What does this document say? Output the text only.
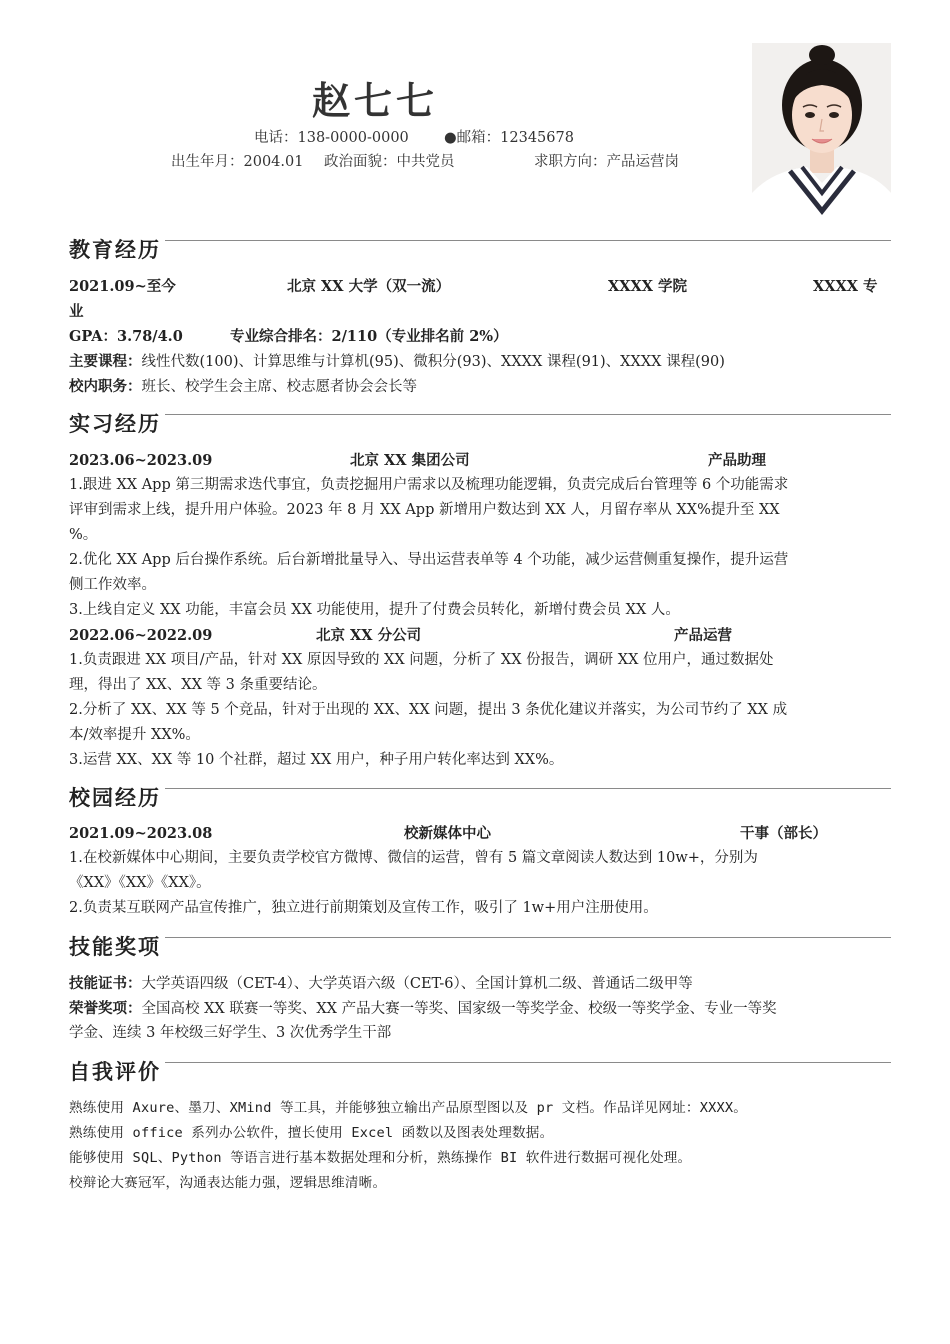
赵七七
电话：138-0000-0000 ●邮箱：12345678
出生年月：2004.01 政治面貌：中共党员	求职方向：产品运营岗
教育经历
2021.09~至今	北京 XX 大学（双一流）	XXXX 学院	XXXX 专
业
GPA：3.78/4.0	专业综合排名：2/110（专业排名前 2%）
主要课程：线性代数(100)、计算思维与计算机(95)、微积分(93)、XXXX 课程(91)、XXXX 课程(90)
校内职务：班长、校学生会主席、校志愿者协会会长等
实习经历
2023.06~2023.09	北京 XX 集团公司	产品助理
1.跟进 XX App 第三期需求迭代事宜，负责挖掘用户需求以及梳理功能逻辑，负责完成后台管理等 6 个功能需求
评审到需求上线，提升用户体验。2023 年 8 月 XX App 新增用户数达到 XX 人，月留存率从 XX%提升至 XX
%。
2.优化 XX App 后台操作系统。后台新增批量导入、导出运营表单等 4 个功能，减少运营侧重复操作，提升运营
侧工作效率。
3.上线自定义 XX 功能，丰富会员 XX 功能使用，提升了付费会员转化，新增付费会员 XX 人。
2022.06~2022.09	北京 XX 分公司	产品运营
1.负责跟进 XX 项目/产品，针对 XX 原因导致的 XX 问题，分析了 XX 份报告，调研 XX 位用户，通过数据处
理，得出了 XX、XX 等 3 条重要结论。
2.分析了 XX、XX 等 5 个竞品，针对于出现的 XX、XX 问题，提出 3 条优化建议并落实，为公司节约了 XX 成
本/效率提升 XX%。
3.运营 XX、XX 等 10 个社群，超过 XX 用户，种子用户转化率达到 XX%。
校园经历
2021.09~2023.08	校新媒体中心	干事（部长）
1.在校新媒体中心期间，主要负责学校官方微博、微信的运营，曾有 5 篇文章阅读人数达到 10w+，分别为
《XX》《XX》《XX》。
2.负责某互联网产品宣传推广，独立进行前期策划及宣传工作，吸引了 1w+用户注册使用。
技能奖项
技能证书：大学英语四级（CET-4）、大学英语六级（CET-6）、全国计算机二级、普通话二级甲等
荣誉奖项：全国高校 XX 联赛一等奖、XX 产品大赛一等奖、国家级一等奖学金、校级一等奖学金、专业一等奖
学金、连续 3 年校级三好学生、3 次优秀学生干部
自我评价
熟练使用 Axure、墨刀、XMind 等工具，并能够独立输出产品原型图以及 pr 文档。作品详见网址：XXXX。
熟练使用 office 系列办公软件，擅长使用 Excel 函数以及图表处理数据。
能够使用 SQL、Python 等语言进行基本数据处理和分析，熟练操作 BI 软件进行数据可视化处理。
校辩论大赛冠军，沟通表达能力强，逻辑思维清晰。
